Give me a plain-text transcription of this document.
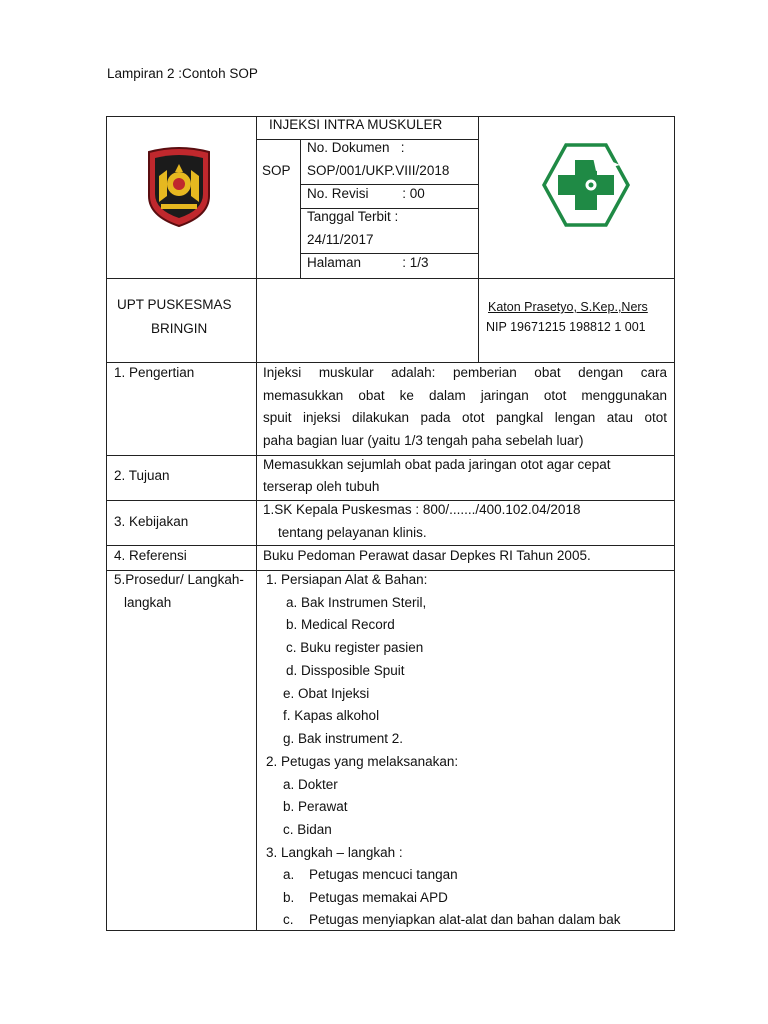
Lampiran 2 :Contoh SOP
INJEKSI INTRA MUSKULER
SOP
No. Dokumen   :
SOP/001/UKP.VIII/2018
No. Revisi         : 00
Tanggal Terbit :
24/11/2017
Halaman           : 1/3
UPT PUSKESMAS
BRINGIN
Katon Prasetyo, S.Kep.,Ners
NIP 19671215 198812 1 001
1. Pengertian	Injeksi muskular adalah: pemberian obat dengan cara
memasukkan obat ke dalam jaringan otot menggunakan
spuit injeksi dilakukan pada otot pangkal lengan atau otot
paha bagian luar (yaitu 1/3 tengah paha sebelah luar)
2. Tujuan
Memasukkan sejumlah obat pada jaringan otot agar cepat
terserap oleh tubuh
3. Kebijakan
1.SK Kepala Puskesmas : 800/......./400.102.04/2018
tentang pelayanan klinis.
4. Referensi	Buku Pedoman Perawat dasar Depkes RI Tahun 2005.
5.Prosedur/ Langkah-
langkah
1. Persiapan Alat & Bahan:
a. Bak Instrumen Steril,
b. Medical Record
c. Buku register pasien
d. Dissposible Spuit
e. Obat Injeksi
f. Kapas alkohol
g. Bak instrument 2.
2. Petugas yang melaksanakan:
a. Dokter
b. Perawat
c. Bidan
3. Langkah – langkah :
a. Petugas mencuci tangan
b. Petugas memakai APD
c. Petugas menyiapkan alat-alat dan bahan dalam bak
